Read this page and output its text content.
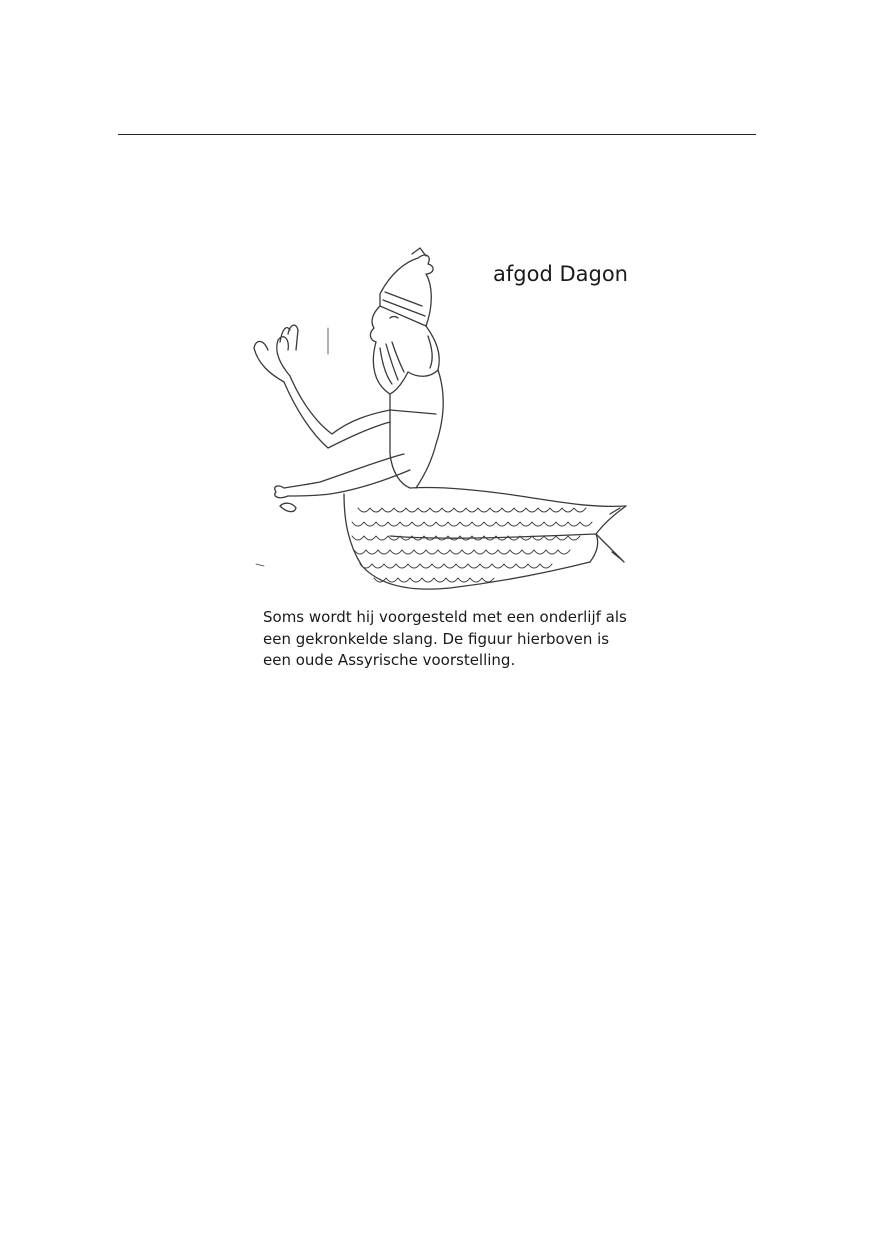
afgod Dagon
Soms wordt hij voorgesteld met een onderlijf als
een gekronkelde slang. De figuur hierboven is
een oude Assyrische voorstelling.
